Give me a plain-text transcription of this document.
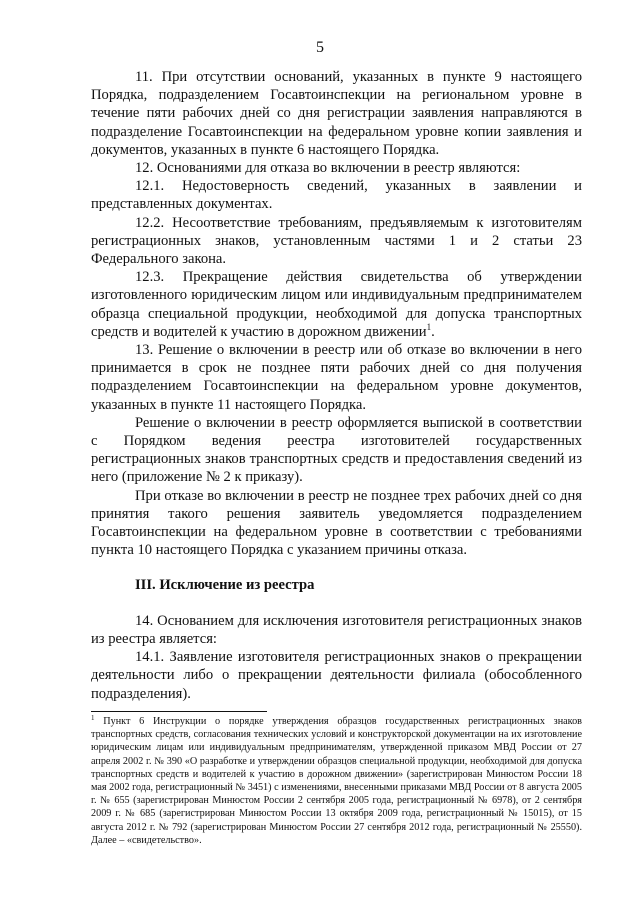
5

11. При отсутствии оснований, указанных в пункте 9 настоящего Порядка, подразделением Госавтоинспекции на региональном уровне в течение пяти рабочих дней со дня регистрации заявления направляются в подразделение Госавтоинспекции на федеральном уровне копии заявления и документов, указанных в пункте 6 настоящего Порядка.

12. Основаниями для отказа во включении в реестр являются:

12.1. Недостоверность сведений, указанных в заявлении и представленных документах.

12.2. Несоответствие требованиям, предъявляемым к изготовителям регистрационных знаков, установленным частями 1 и 2 статьи 23 Федерального закона.

12.3. Прекращение действия свидетельства об утверждении изготовленного юридическим лицом или индивидуальным предпринимателем образца специальной продукции, необходимой для допуска транспортных средств и водителей к участию в дорожном движении$^1$.

13. Решение о включении в реестр или об отказе во включении в него принимается в срок не позднее пяти рабочих дней со дня получения подразделением Госавтоинспекции на федеральном уровне документов, указанных в пункте 11 настоящего Порядка.

Решение о включении в реестр оформляется выпиской в соответствии с Порядком ведения реестра изготовителей государственных регистрационных знаков транспортных средств и предоставления сведений из него (приложение № 2 к приказу).

При отказе во включении в реестр не позднее трех рабочих дней со дня принятия такого решения заявитель уведомляется подразделением Госавтоинспекции на федеральном уровне в соответствии с требованиями пункта 10 настоящего Порядка с указанием причины отказа.

III. Исключение из реестра

14. Основанием для исключения изготовителя регистрационных знаков из реестра является:

14.1. Заявление изготовителя регистрационных знаков о прекращении деятельности либо о прекращении деятельности филиала (обособленного подразделения).

$^1$ Пункт 6 Инструкции о порядке утверждения образцов государственных регистрационных знаков транспортных средств, согласования технических условий и конструкторской документации на их изготовление юридическим лицам или индивидуальным предпринимателям, утвержденной приказом МВД России от 27 апреля 2002 г. № 390 «О разработке и утверждении образцов специальной продукции, необходимой для допуска транспортных средств и водителей к участию в дорожном движении» (зарегистрирован Минюстом России 18 мая 2002 года, регистрационный № 3451) с изменениями, внесенными приказами МВД России от 8 августа 2005 г. № 655 (зарегистрирован Минюстом России 2 сентября 2005 года, регистрационный № 6978), от 2 сентября 2009 г. № 685 (зарегистрирован Минюстом России 13 октября 2009 года, регистрационный № 15015), от 15 августа 2012 г. № 792 (зарегистрирован Минюстом России 27 сентября 2012 года, регистрационный № 25550). Далее – «свидетельство».
